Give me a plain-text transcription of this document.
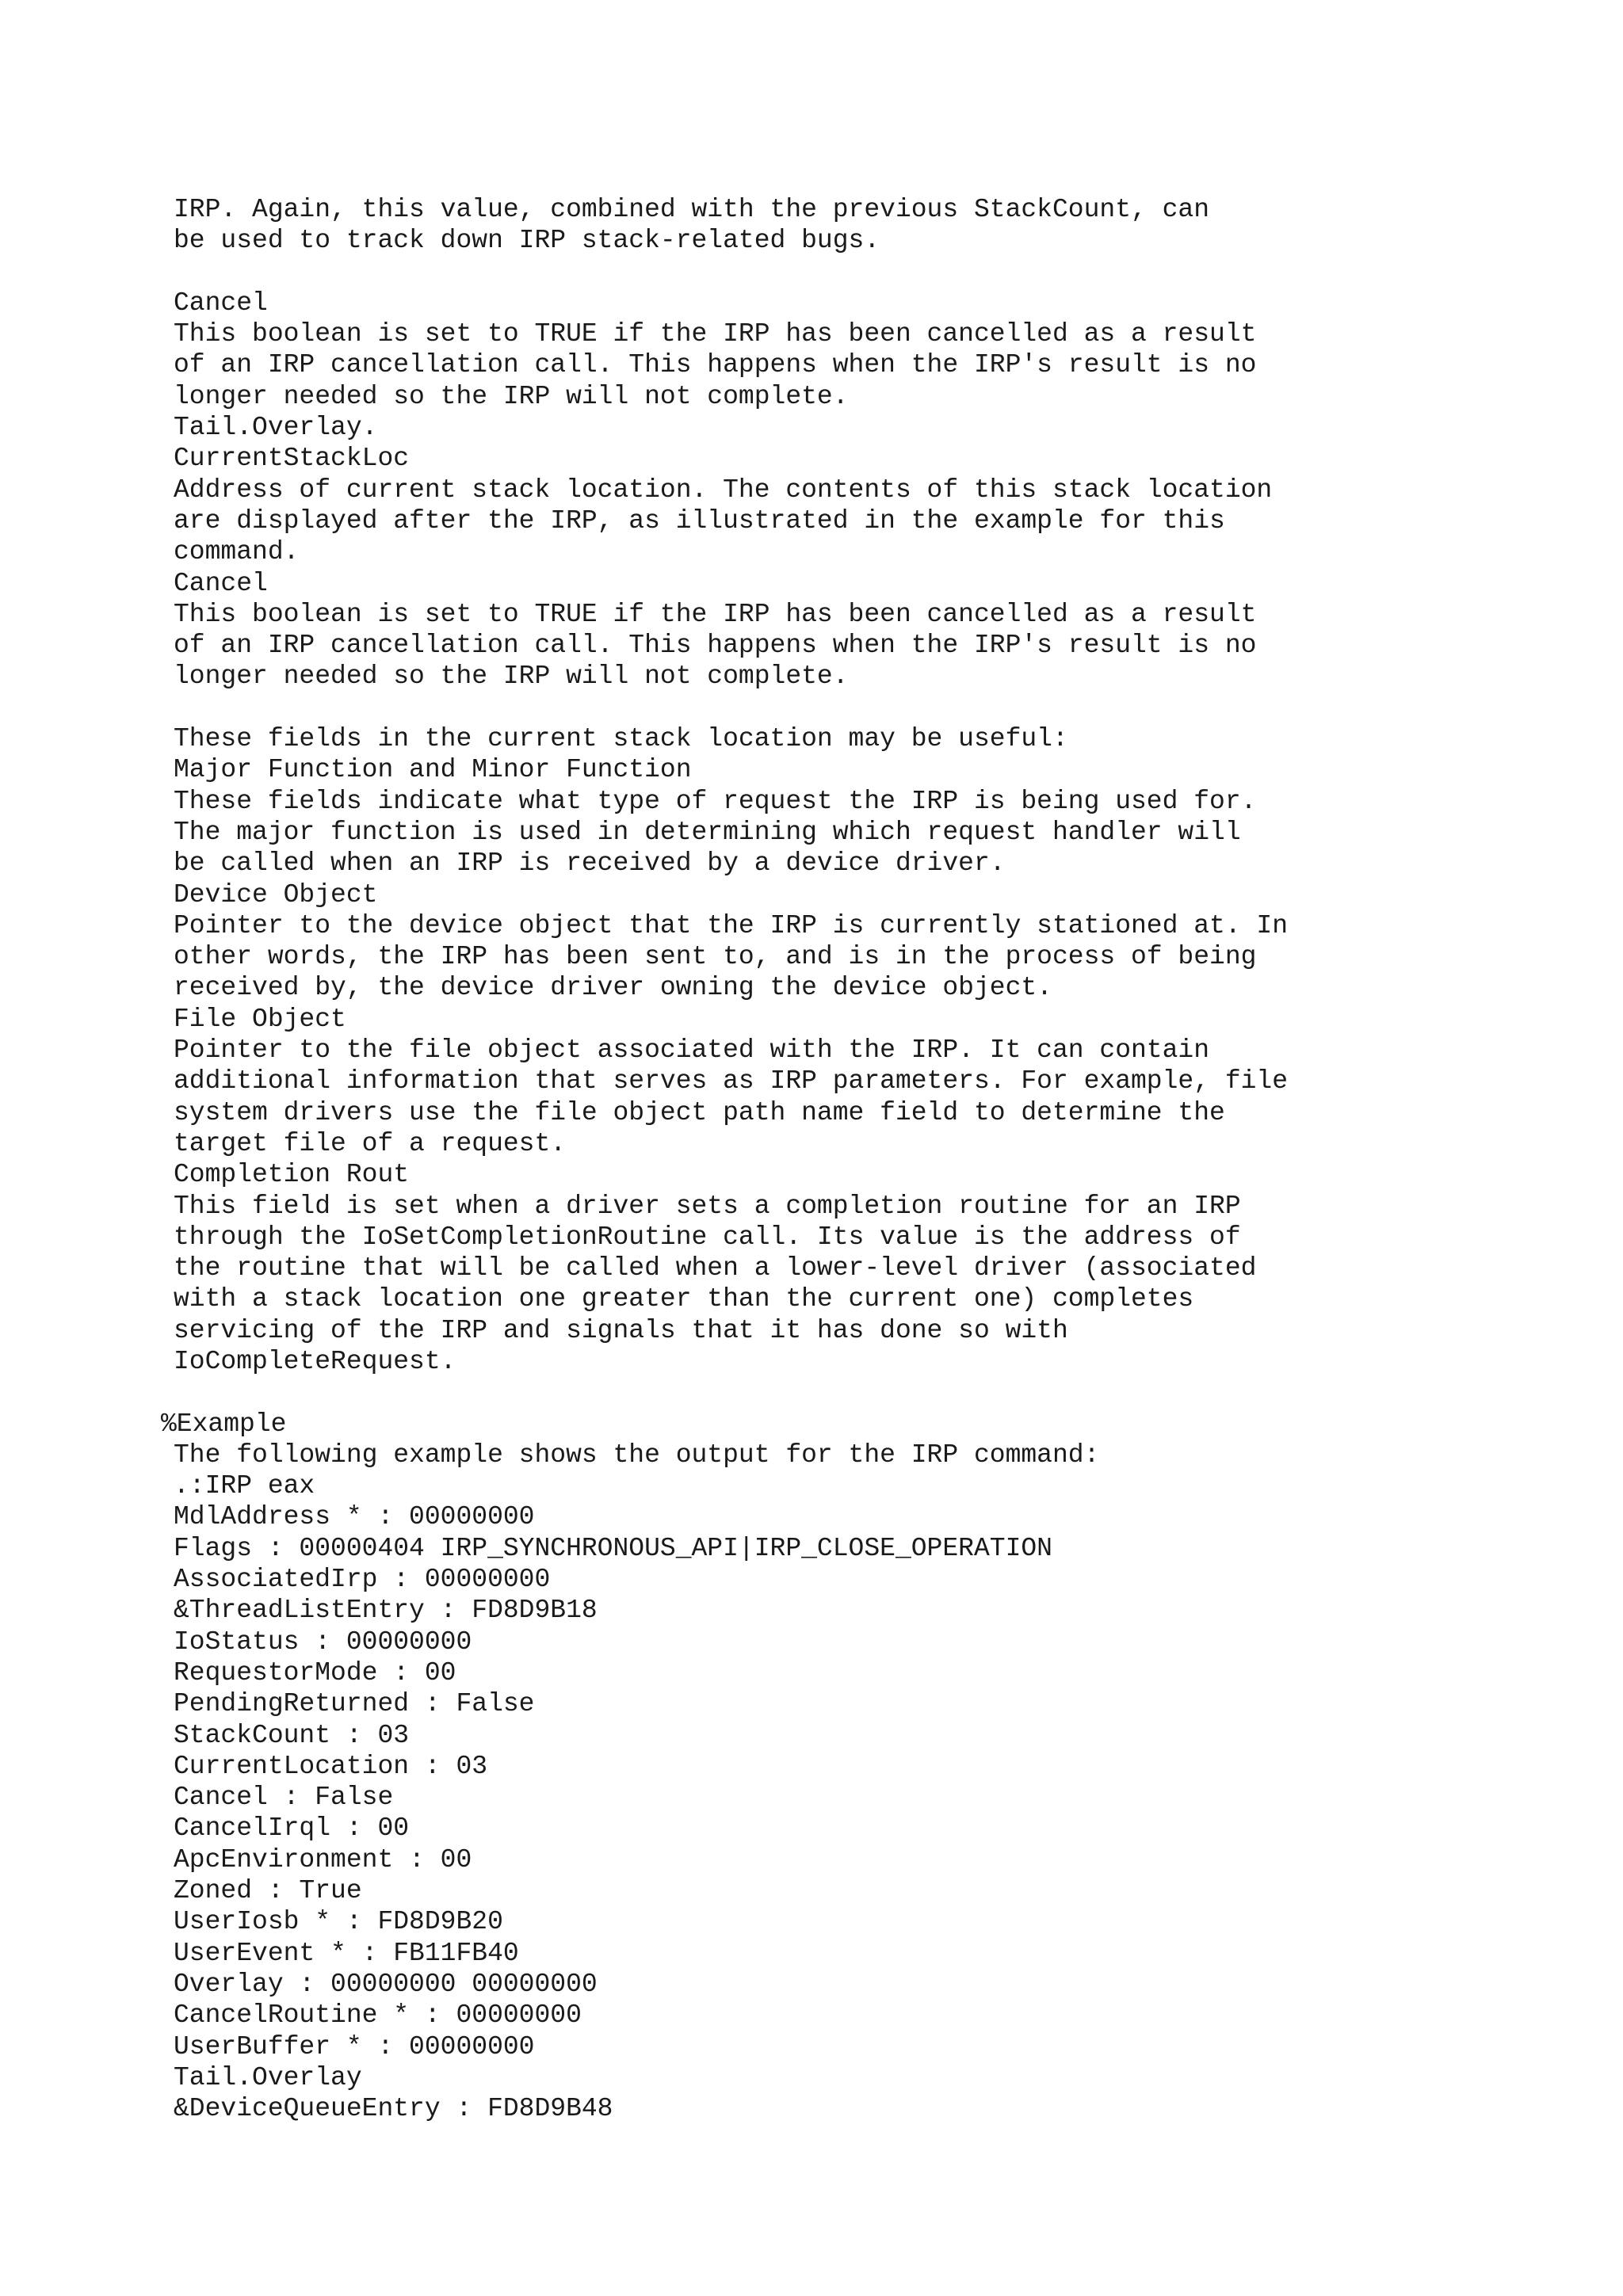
IRP. Again, this value, combined with the previous StackCount, can
be used to track down IRP stack-related bugs.
Cancel
This boolean is set to TRUE if the IRP has been cancelled as a result
of an IRP cancellation call. This happens when the IRP's result is no
longer needed so the IRP will not complete.
Tail.Overlay.
CurrentStackLoc
Address of current stack location. The contents of this stack location
are displayed after the IRP, as illustrated in the example for this
command.
Cancel
This boolean is set to TRUE if the IRP has been cancelled as a result
of an IRP cancellation call. This happens when the IRP's result is no
longer needed so the IRP will not complete.
These fields in the current stack location may be useful:
Major Function and Minor Function
These fields indicate what type of request the IRP is being used for.
The major function is used in determining which request handler will
be called when an IRP is received by a device driver.
Device Object
Pointer to the device object that the IRP is currently stationed at. In
other words, the IRP has been sent to, and is in the process of being
received by, the device driver owning the device object.
File Object
Pointer to the file object associated with the IRP. It can contain
additional information that serves as IRP parameters. For example, file
system drivers use the file object path name field to determine the
target file of a request.
Completion Rout
This field is set when a driver sets a completion routine for an IRP
through the IoSetCompletionRoutine call. Its value is the address of
the routine that will be called when a lower-level driver (associated
with a stack location one greater than the current one) completes
servicing of the IRP and signals that it has done so with
IoCompleteRequest.
%Example
The following example shows the output for the IRP command:
.:IRP eax
MdlAddress * : 00000000
Flags : 00000404 IRP_SYNCHRONOUS_API|IRP_CLOSE_OPERATION
AssociatedIrp : 00000000
&ThreadListEntry : FD8D9B18
IoStatus : 00000000
RequestorMode : 00
PendingReturned : False
StackCount : 03
CurrentLocation : 03
Cancel : False
CancelIrql : 00
ApcEnvironment : 00
Zoned : True
UserIosb * : FD8D9B20
UserEvent * : FB11FB40
Overlay : 00000000 00000000
CancelRoutine * : 00000000
UserBuffer * : 00000000
Tail.Overlay
&DeviceQueueEntry : FD8D9B48
